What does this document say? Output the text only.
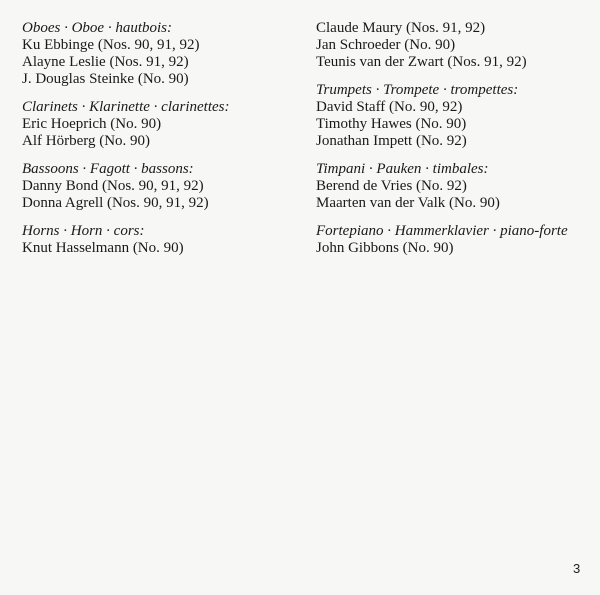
Oboes · Oboe · hautbois:
Ku Ebbinge (Nos. 90, 91, 92)
Alayne Leslie (Nos. 91, 92)
J. Douglas Steinke (No. 90)
Clarinets · Klarinette · clarinettes:
Eric Hoeprich (No. 90)
Alf Hörberg (No. 90)
Bassoons · Fagott · bassons:
Danny Bond (Nos. 90, 91, 92)
Donna Agrell (Nos. 90, 91, 92)
Horns · Horn · cors:
Knut Hasselmann (No. 90)
Claude Maury (Nos. 91, 92)
Jan Schroeder (No. 90)
Teunis van der Zwart (Nos. 91, 92)
Trumpets · Trompete · trompettes:
David Staff (No. 90, 92)
Timothy Hawes (No. 90)
Jonathan Impett (No. 92)
Timpani · Pauken · timbales:
Berend de Vries (No. 92)
Maarten van der Valk (No. 90)
Fortepiano · Hammerklavier · piano-forte
John Gibbons (No. 90)
3
